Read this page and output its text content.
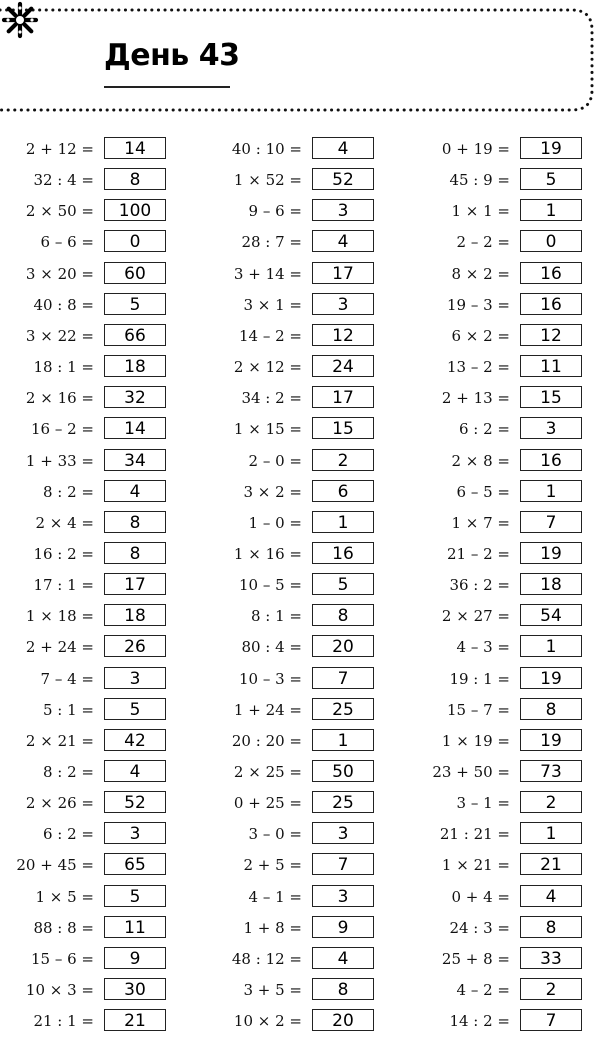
День 43
2 + 12 =	14
32 : 4 =	8
2 × 50 =	100
6 – 6 =	0
3 × 20 =	60
40 : 8 =	5
3 × 22 =	66
18 : 1 =	18
2 × 16 =	32
16 – 2 =	14
1 + 33 =	34
8 : 2 =	4
2 × 4 =	8
16 : 2 =	8
17 : 1 =	17
1 × 18 =	18
2 + 24 =	26
7 – 4 =	3
5 : 1 =	5
2 × 21 =	42
8 : 2 =	4
2 × 26 =	52
6 : 2 =	3
20 + 45 =	65
1 × 5 =	5
88 : 8 =	11
15 – 6 =	9
10 × 3 =	30
21 : 1 =	21
40 : 10 =	4
1 × 52 =	52
9 – 6 =	3
28 : 7 =	4
3 + 14 =	17
3 × 1 =	3
14 – 2 =	12
2 × 12 =	24
34 : 2 =	17
1 × 15 =	15
2 – 0 =	2
3 × 2 =	6
1 – 0 =	1
1 × 16 =	16
10 – 5 =	5
8 : 1 =	8
80 : 4 =	20
10 – 3 =	7
1 + 24 =	25
20 : 20 =	1
2 × 25 =	50
0 + 25 =	25
3 – 0 =	3
2 + 5 =	7
4 – 1 =	3
1 + 8 =	9
48 : 12 =	4
3 + 5 =	8
10 × 2 =	20
0 + 19 =	19
45 : 9 =	5
1 × 1 =	1
2 – 2 =	0
8 × 2 =	16
19 – 3 =	16
6 × 2 =	12
13 – 2 =	11
2 + 13 =	15
6 : 2 =	3
2 × 8 =	16
6 – 5 =	1
1 × 7 =	7
21 – 2 =	19
36 : 2 =	18
2 × 27 =	54
4 – 3 =	1
19 : 1 =	19
15 – 7 =	8
1 × 19 =	19
23 + 50 =	73
3 – 1 =	2
21 : 21 =	1
1 × 21 =	21
0 + 4 =	4
24 : 3 =	8
25 + 8 =	33
4 – 2 =	2
14 : 2 =	7
